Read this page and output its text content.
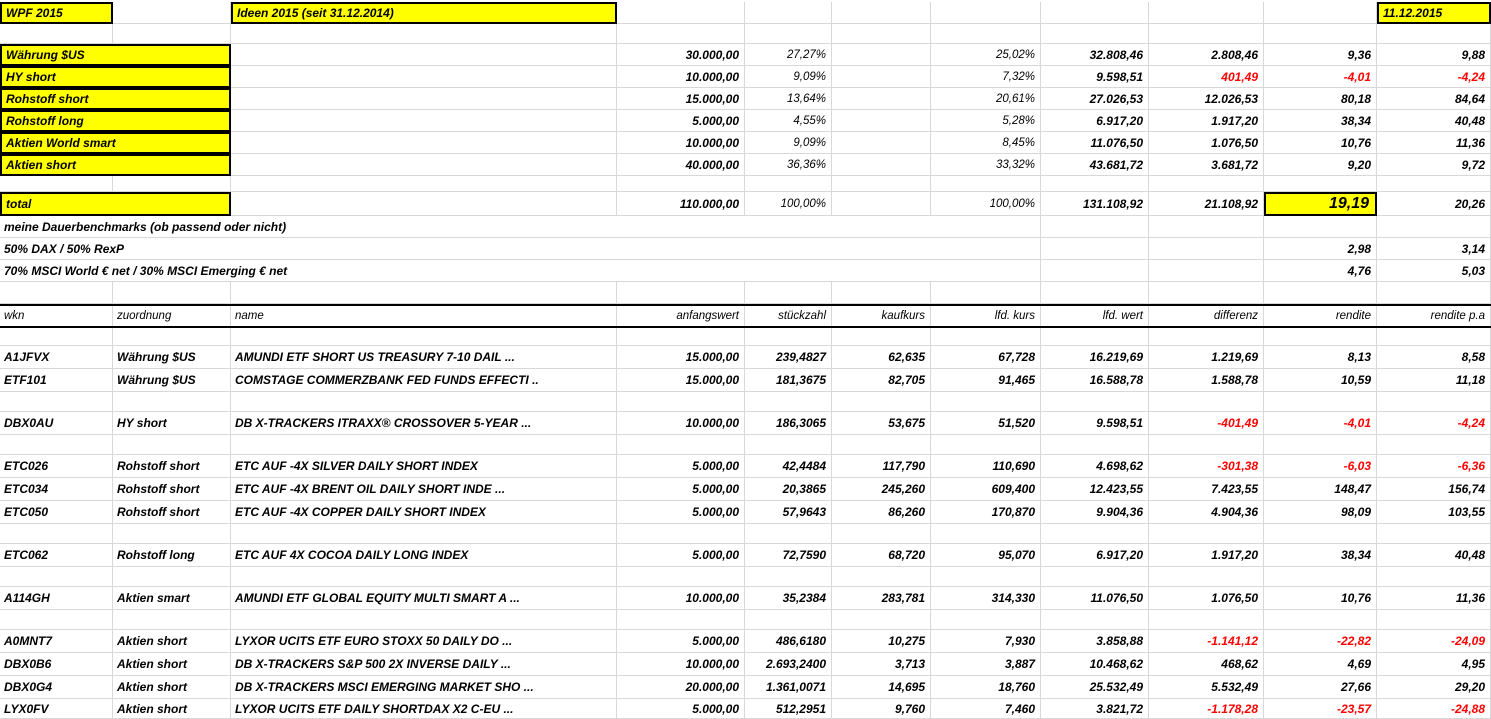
WPF 2015	Ideen 2015 (seit 31.12.2014)	11.12.2015
Währung $US	30.000,00	27,27%	25,02%	32.808,46	2.808,46	9,36	9,88
HY short	10.000,00	9,09%	7,32%	9.598,51	401,49	-4,01	-4,24
Rohstoff short	15.000,00	13,64%	20,61%	27.026,53	12.026,53	80,18	84,64
Rohstoff long	5.000,00	4,55%	5,28%	6.917,20	1.917,20	38,34	40,48
Aktien World smart	10.000,00	9,09%	8,45%	11.076,50	1.076,50	10,76	11,36
Aktien short	40.000,00	36,36%	33,32%	43.681,72	3.681,72	9,20	9,72
total	110.000,00	100,00%	100,00%	131.108,92	21.108,92	19,19	20,26
meine Dauerbenchmarks (ob passend oder nicht)
50% DAX / 50% RexP	2,98	3,14
70% MSCI World € net / 30% MSCI Emerging € net	4,76	5,03
wkn	zuordnung	name	anfangswert	stückzahl	kaufkurs	lfd. kurs	lfd. wert	differenz	rendite	rendite p.a
A1JFVX	Währung $US	AMUNDI ETF SHORT US TREASURY 7-10 DAIL ...	15.000,00	239,4827	62,635	67,728	16.219,69	1.219,69	8,13	8,58
ETF101	Währung $US	COMSTAGE COMMERZBANK FED FUNDS EFFECTI ..	15.000,00	181,3675	82,705	91,465	16.588,78	1.588,78	10,59	11,18
DBX0AU	HY short	DB X-TRACKERS ITRAXX® CROSSOVER 5-YEAR ...	10.000,00	186,3065	53,675	51,520	9.598,51	-401,49	-4,01	-4,24
ETC026	Rohstoff short	ETC AUF -4X SILVER DAILY SHORT INDEX	5.000,00	42,4484	117,790	110,690	4.698,62	-301,38	-6,03	-6,36
ETC034	Rohstoff short	ETC AUF -4X BRENT OIL DAILY SHORT INDE ...	5.000,00	20,3865	245,260	609,400	12.423,55	7.423,55	148,47	156,74
ETC050	Rohstoff short	ETC AUF -4X COPPER DAILY SHORT INDEX	5.000,00	57,9643	86,260	170,870	9.904,36	4.904,36	98,09	103,55
ETC062	Rohstoff long	ETC AUF 4X COCOA DAILY LONG INDEX	5.000,00	72,7590	68,720	95,070	6.917,20	1.917,20	38,34	40,48
A114GH	Aktien smart	AMUNDI ETF GLOBAL EQUITY MULTI SMART A ...	10.000,00	35,2384	283,781	314,330	11.076,50	1.076,50	10,76	11,36
A0MNT7	Aktien short	LYXOR UCITS ETF EURO STOXX 50 DAILY DO ...	5.000,00	486,6180	10,275	7,930	3.858,88	-1.141,12	-22,82	-24,09
DBX0B6	Aktien short	DB X-TRACKERS S&P 500 2X INVERSE DAILY ...	10.000,00	2.693,2400	3,713	3,887	10.468,62	468,62	4,69	4,95
DBX0G4	Aktien short	DB X-TRACKERS MSCI EMERGING MARKET SHO ...	20.000,00	1.361,0071	14,695	18,760	25.532,49	5.532,49	27,66	29,20
LYX0FV	Aktien short	LYXOR UCITS ETF DAILY SHORTDAX X2 C-EU ...	5.000,00	512,2951	9,760	7,460	3.821,72	-1.178,28	-23,57	-24,88
